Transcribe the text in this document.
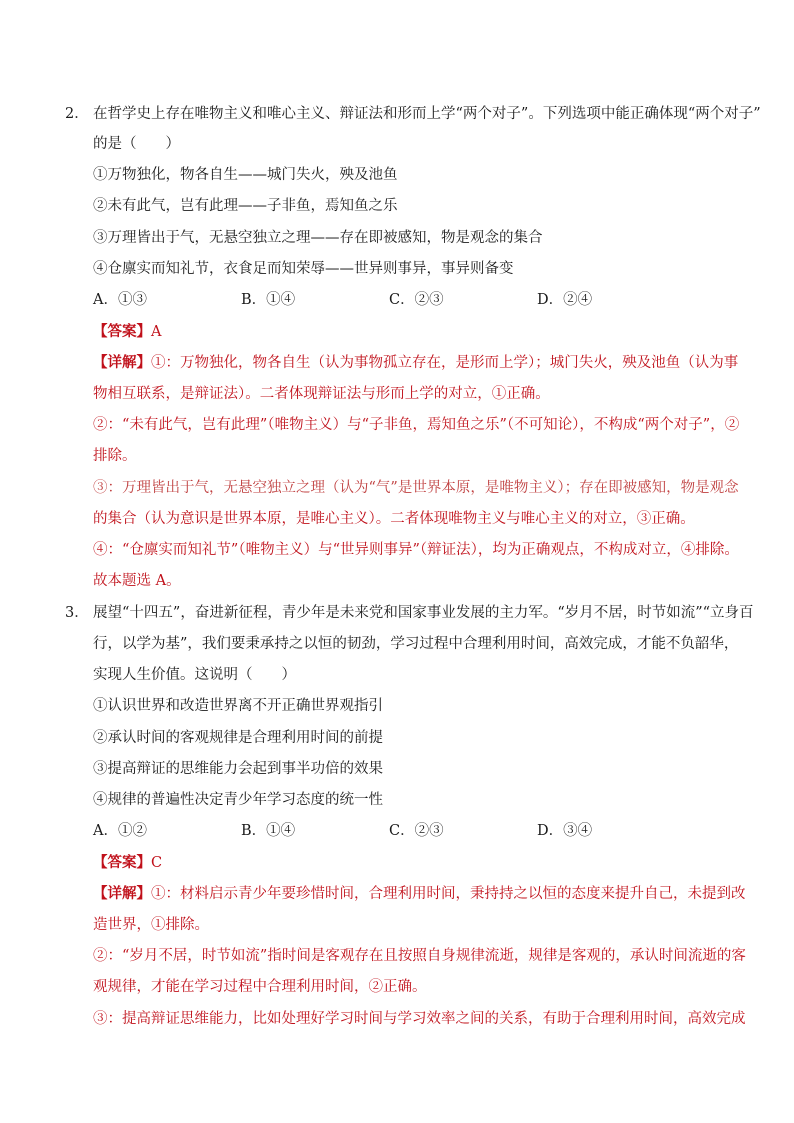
2． 在哲学史上存在唯物主义和唯心主义、辩证法和形而上学“两个对子”。下列选项中能正确体现“两个对子”
的是（　　）
①万物独化，物各自生——城门失火，殃及池鱼
②未有此气，岂有此理——子非鱼，焉知鱼之乐
③万理皆出于气，无悬空独立之理——存在即被感知，物是观念的集合
④仓廪实而知礼节，衣食足而知荣辱——世异则事异，事异则备变
A．①③	B．①④	C．②③	D．②④
【答案】A
【详解】①：万物独化，物各自生（认为事物孤立存在，是形而上学）；城门失火，殃及池鱼（认为事
物相互联系，是辩证法）。二者体现辩证法与形而上学的对立，①正确。
②：“未有此气，岂有此理”（唯物主义）与“子非鱼，焉知鱼之乐”（不可知论），不构成“两个对子”，②
排除。
③：万理皆出于气，无悬空独立之理（认为“气”是世界本原，是唯物主义）；存在即被感知，物是观念
的集合（认为意识是世界本原，是唯心主义）。二者体现唯物主义与唯心主义的对立，③正确。
④：“仓廪实而知礼节”（唯物主义）与“世异则事异”（辩证法），均为正确观点，不构成对立，④排除。
故本题选 A。
3． 展望“十四五”，奋进新征程，青少年是未来党和国家事业发展的主力军。“岁月不居，时节如流”“立身百
行，以学为基”，我们要秉承持之以恒的韧劲，学习过程中合理利用时间，高效完成，才能不负韶华，
实现人生价值。这说明（　　）
①认识世界和改造世界离不开正确世界观指引
②承认时间的客观规律是合理利用时间的前提
③提高辩证的思维能力会起到事半功倍的效果
④规律的普遍性决定青少年学习态度的统一性
A．①②	B．①④	C．②③	D．③④
【答案】C
【详解】①：材料启示青少年要珍惜时间，合理利用时间，秉持持之以恒的态度来提升自己，未提到改
造世界，①排除。
②：“岁月不居，时节如流”指时间是客观存在且按照自身规律流逝，规律是客观的，承认时间流逝的客
观规律，才能在学习过程中合理利用时间，②正确。
③：提高辩证思维能力，比如处理好学习时间与学习效率之间的关系，有助于合理利用时间，高效完成
